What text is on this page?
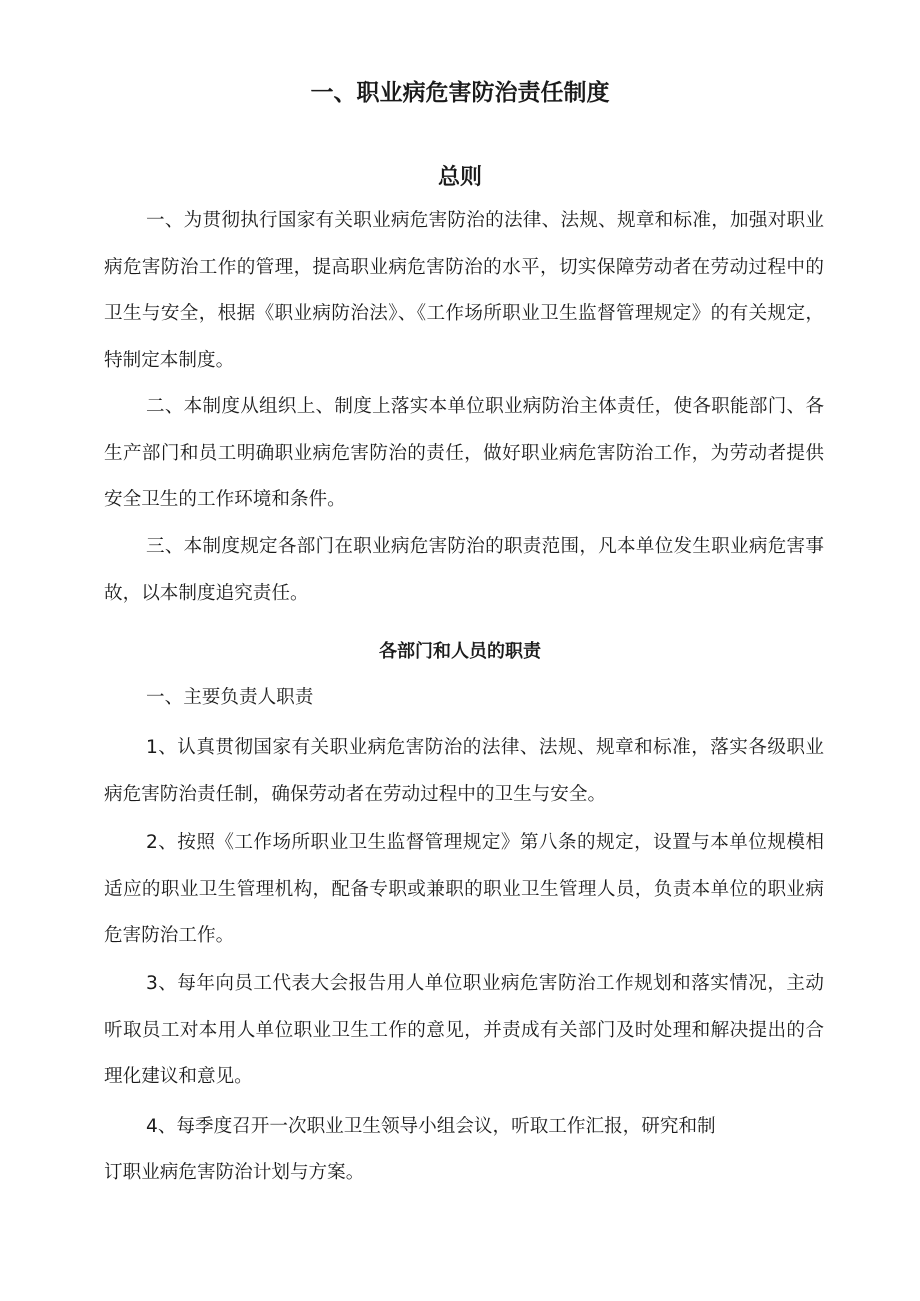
一、职业病危害防治责任制度
总则

一、为贯彻执行国家有关职业病危害防治的法律、法规、规章和标准，加强对职业病危害防治工作的管理，提高职业病危害防治的水平，切实保障劳动者在劳动过程中的卫生与安全，根据《职业病防治法》、《工作场所职业卫生监督管理规定》的有关规定，特制定本制度。

二、本制度从组织上、制度上落实本单位职业病防治主体责任，使各职能部门、各生产部门和员工明确职业病危害防治的责任，做好职业病危害防治工作，为劳动者提供安全卫生的工作环境和条件。

三、本制度规定各部门在职业病危害防治的职责范围，凡本单位发生职业病危害事故，以本制度追究责任。

各部门和人员的职责

一、主要负责人职责

1、认真贯彻国家有关职业病危害防治的法律、法规、规章和标准，落实各级职业病危害防治责任制，确保劳动者在劳动过程中的卫生与安全。

2、按照《工作场所职业卫生监督管理规定》第八条的规定，设置与本单位规模相适应的职业卫生管理机构，配备专职或兼职的职业卫生管理人员，负责本单位的职业病危害防治工作。

3、每年向员工代表大会报告用人单位职业病危害防治工作规划和落实情况，主动听取员工对本用人单位职业卫生工作的意见，并责成有关部门及时处理和解决提出的合理化建议和意见。

4、每季度召开一次职业卫生领导小组会议，听取工作汇报，研究和制

订职业病危害防治计划与方案。
